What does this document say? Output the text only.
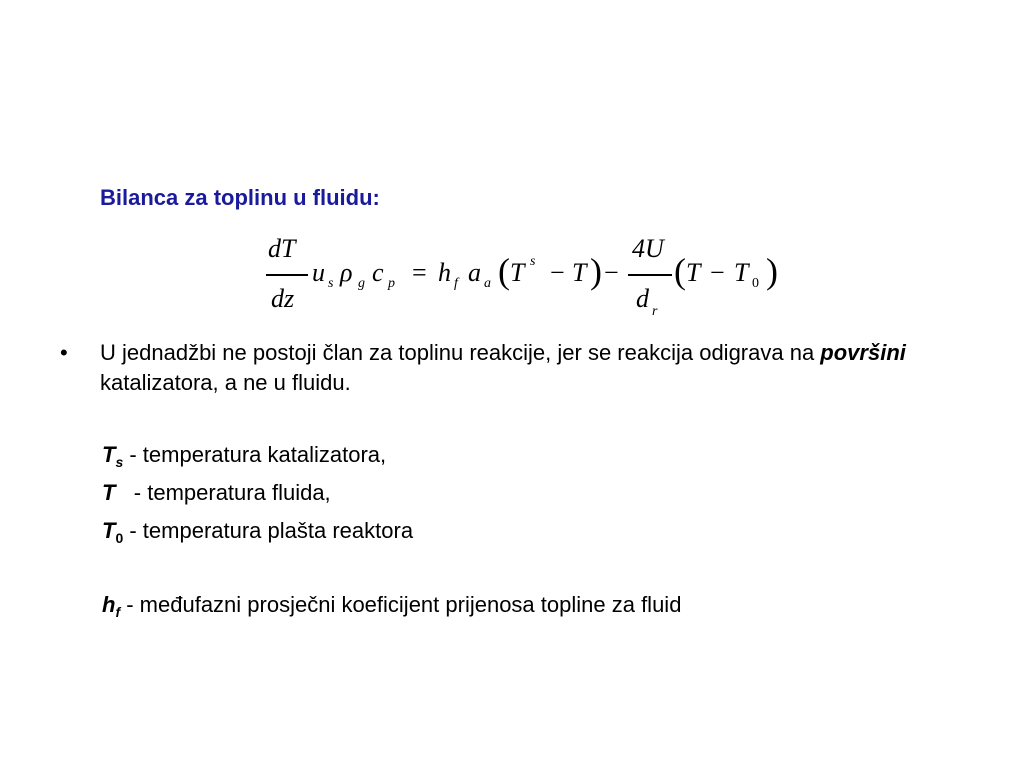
Bilanca za toplinu u fluidu:
dT
dz
u s ρ g c p = h f a a ( T s − T ) −
4U
d r
( T − T 0 )
• U jednadžbi ne postoji član za toplinu reakcije, jer se reakcija odigrava na površini katalizatora, a ne u fluidu.
$T_s$ - temperatura katalizatora,
T   - temperatura fluida,
$T_0$ - temperatura plašta reaktora
$h_f$ - međufazni prosječni koeficijent prijenosa topline za fluid
